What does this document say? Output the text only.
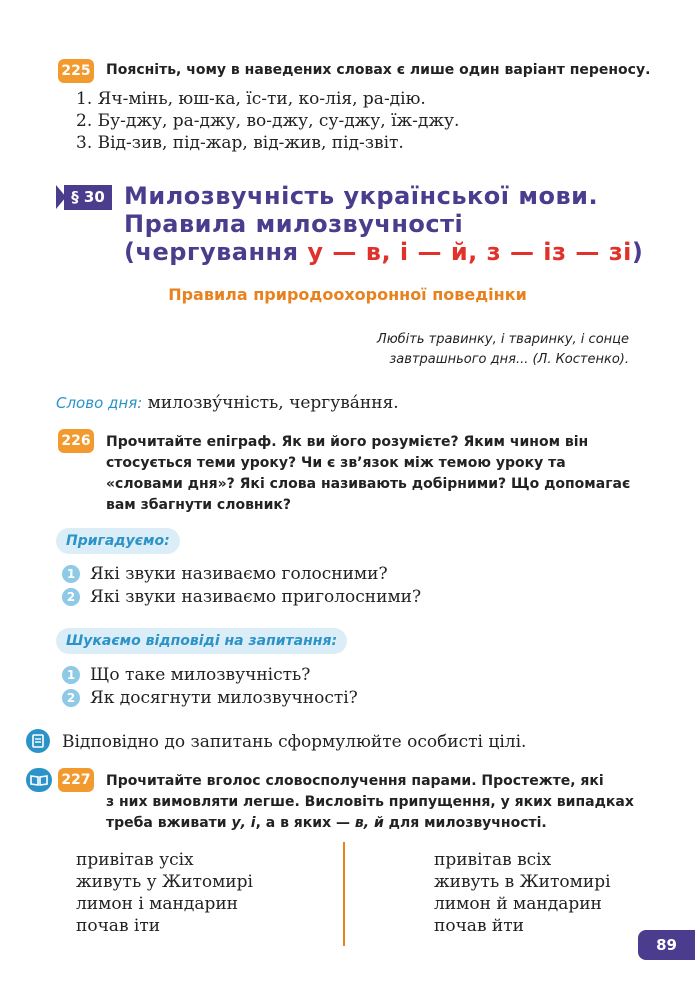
225 Поясніть, чому в наведених словах є лише один варіант переносу.
1. Яч-мінь, юш-ка, їс-ти, ко-лія, ра-дію.
2. Бу-джу, ра-джу, во-джу, су-джу, їж-джу.
3. Від-зив, під-жар, від-жив, під-звіт.
§ 30 Милозвучність української мови.
Правила милозвучності
(чергування у — в, і — й, з — із — зі)
Правила природоохоронної поведінки
Любіть травинку, і тваринку, і сонце
завтрашнього дня... (Л. Костенко).
Слово дня: милозву́чність, чергува́ння.
226 Прочитайте епіграф. Як ви його розумієте? Яким чином він
стосується теми уроку? Чи є зв’язок між темою уроку та
«словами дня»? Які слова називають добірними? Що допомагає
вам збагнути словник?
Пригадуємо:
1 Які звуки називаємо голосними?
2 Які звуки називаємо приголосними?
Шукаємо відповіді на запитання:
1 Що таке милозвучність?
2 Як досягнути милозвучності?
Відповідно до запитань сформулюйте особисті цілі.
227 Прочитайте вголос словосполучення парами. Простежте, які
з них вимовляти легше. Висловіть припущення, у яких випадках
треба вживати у, і, а в яких — в, й для милозвучності.
привітав усіх
живуть у Житомирі
лимон і мандарин
почав іти
привітав всіх
живуть в Житомирі
лимон й мандарин
почав йти
89
